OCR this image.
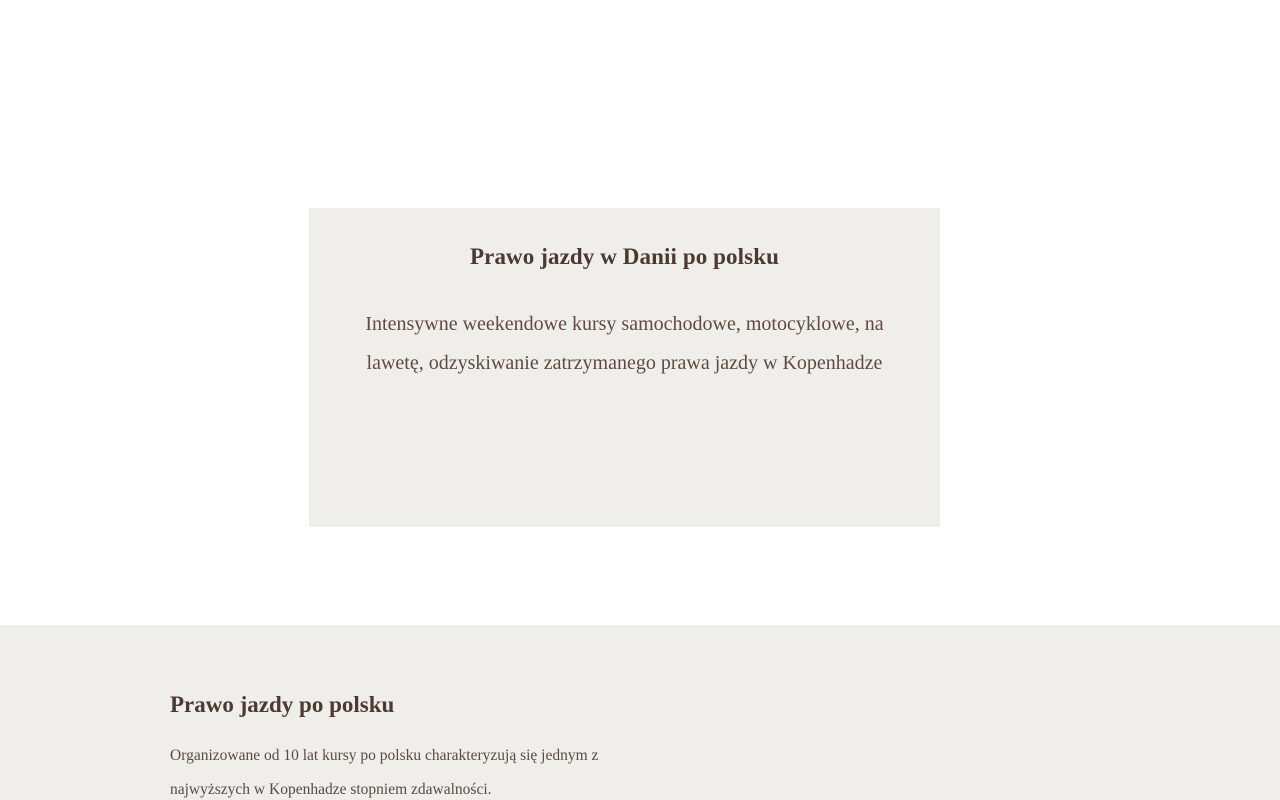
Prawo jazdy w Danii po polsku

Intensywne weekendowe kursy samochodowe, motocyklowe, na lawetę, odzyskiwanie zatrzymanego prawa jazdy w Kopenhadze

Prawo jazdy po polsku

Organizowane od 10 lat kursy po polsku charakteryzują się jednym z najwyższych w Kopenhadze stopniem zdawalności.
